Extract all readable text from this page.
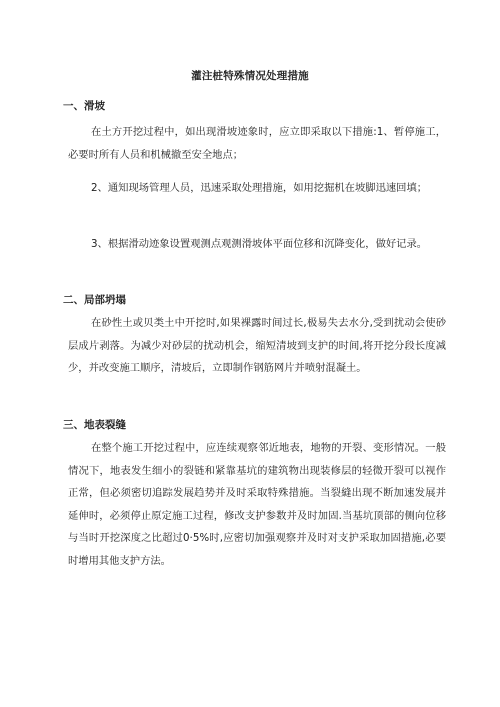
灌注桩特殊情况处理措施
一、滑坡

在土方开挖过程中，如出现滑坡迹象时，应立即采取以下措施:1、暂停施工，必要时所有人员和机械撤至安全地点；

2、通知现场管理人员，迅速采取处理措施，如用挖掘机在坡脚迅速回填；

3、根据滑动迹象设置观测点观测滑坡体平面位移和沉降变化，做好记录。

二、局部坍塌

在砂性土或贝类土中开挖时,如果裸露时间过长,极易失去水分,受到扰动会使砂层成片剥落。为减少对砂层的扰动机会，缩短清坡到支护的时间,将开挖分段长度减少，并改变施工顺序，清坡后，立即制作钢筋网片并喷射混凝土。

三、地表裂缝

在整个施工开挖过程中，应连续观察邻近地表，地物的开裂、变形情况。一般情况下，地表发生细小的裂链和紧靠基坑的建筑物出现装修层的轻微开裂可以视作正常，但必须密切追踪发展趋势并及时采取特殊措施。当裂縫出现不断加速发展并延伸时，必须停止原定施工过程，修改支护参数并及时加固.当基坑顶部的侧向位移与当时开挖深度之比超过0·5%时,应密切加强观察并及时对支护采取加固措施,必要时增用其他支护方法。
